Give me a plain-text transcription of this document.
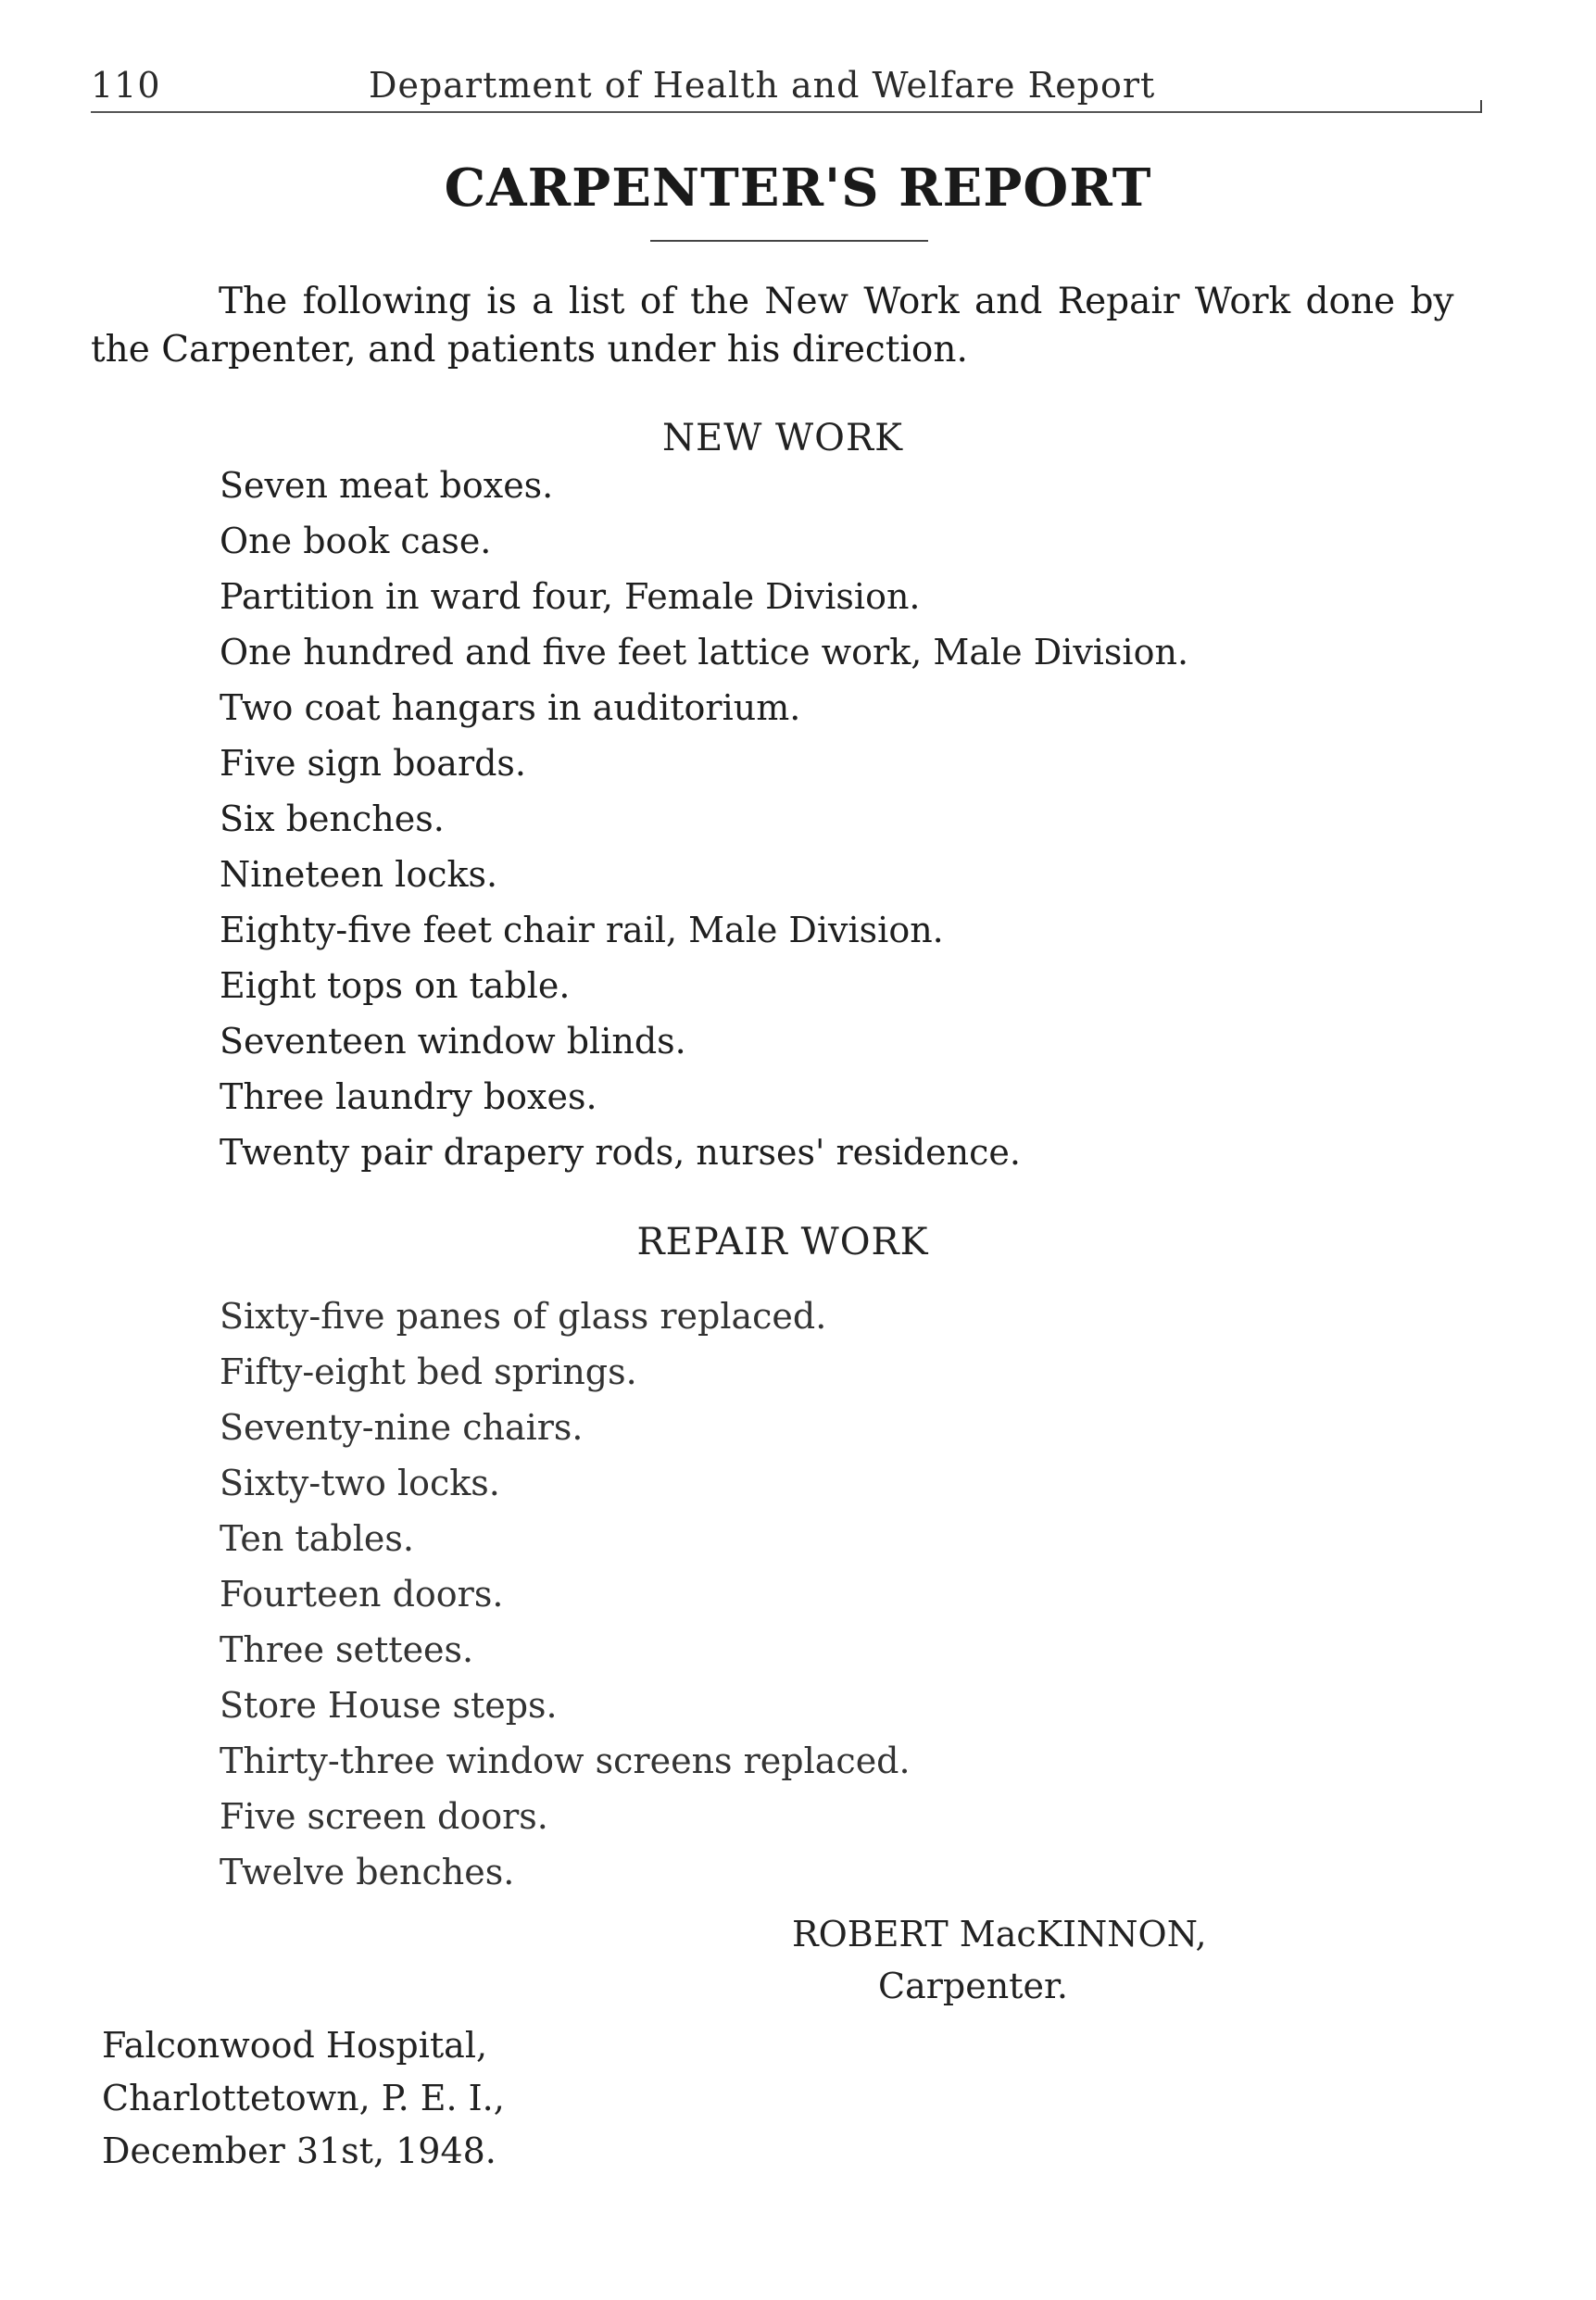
110	Department of Health and Welfare Report
CARPENTER'S REPORT
The following is a list of the New Work and Repair Work done by
the Carpenter, and patients under his direction.
NEW WORK
Seven meat boxes.
One book case.
Partition in ward four, Female Division.
One hundred and five feet lattice work, Male Division.
Two coat hangars in auditorium.
Five sign boards.
Six benches.
Nineteen locks.
Eighty-five feet chair rail, Male Division.
Eight tops on table.
Seventeen window blinds.
Three laundry boxes.
Twenty pair drapery rods, nurses' residence.
REPAIR WORK
Sixty-five panes of glass replaced.
Fifty-eight bed springs.
Seventy-nine chairs.
Sixty-two locks.
Ten tables.
Fourteen doors.
Three settees.
Store House steps.
Thirty-three window screens replaced.
Five screen doors.
Twelve benches.
ROBERT MacKINNON,
Carpenter.
Falconwood Hospital,
Charlottetown, P. E. I.,
December 31st, 1948.
